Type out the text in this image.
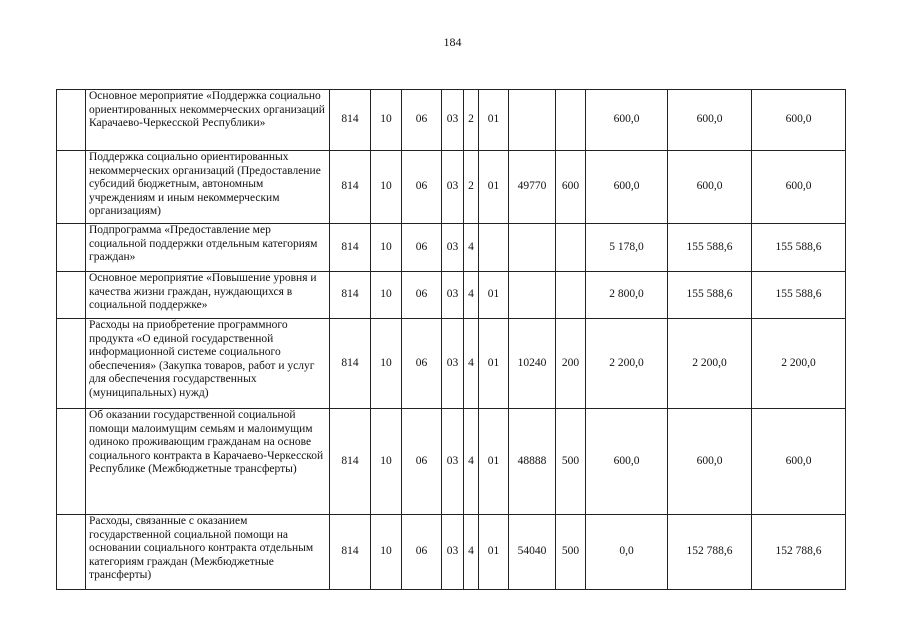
184
	Основное мероприятие «Поддержка социально ориентированных некоммерческих организаций Карачаево-Черкесской Республики»	814	10	06	03	2	01			600,0	600,0	600,0
	Поддержка социально ориентированных некоммерческих организаций (Предоставление субсидий бюджетным, автономным учреждениям и иным некоммерческим организациям)	814	10	06	03	2	01	49770	600	600,0	600,0	600,0
	Подпрограмма «Предоставление мер социальной поддержки отдельным категориям граждан»	814	10	06	03	4				5 178,0	155 588,6	155 588,6
	Основное мероприятие «Повышение уровня и качества жизни граждан, нуждающихся в социальной поддержке»	814	10	06	03	4	01			2 800,0	155 588,6	155 588,6
	Расходы на приобретение программного продукта «О единой государственной информационной системе социального обеспечения» (Закупка товаров, работ и услуг для обеспечения государственных (муниципальных) нужд)	814	10	06	03	4	01	10240	200	2 200,0	2 200,0	2 200,0
	Об оказании государственной социальной помощи малоимущим семьям и малоимущим одиноко проживающим гражданам на основе социального контракта в Карачаево-Черкесской Республике (Межбюджетные трансферты)	814	10	06	03	4	01	48888	500	600,0	600,0	600,0
	Расходы, связанные с оказанием государственной социальной помощи на основании социального контракта отдельным категориям граждан (Межбюджетные трансферты)	814	10	06	03	4	01	54040	500	0,0	152 788,6	152 788,6
